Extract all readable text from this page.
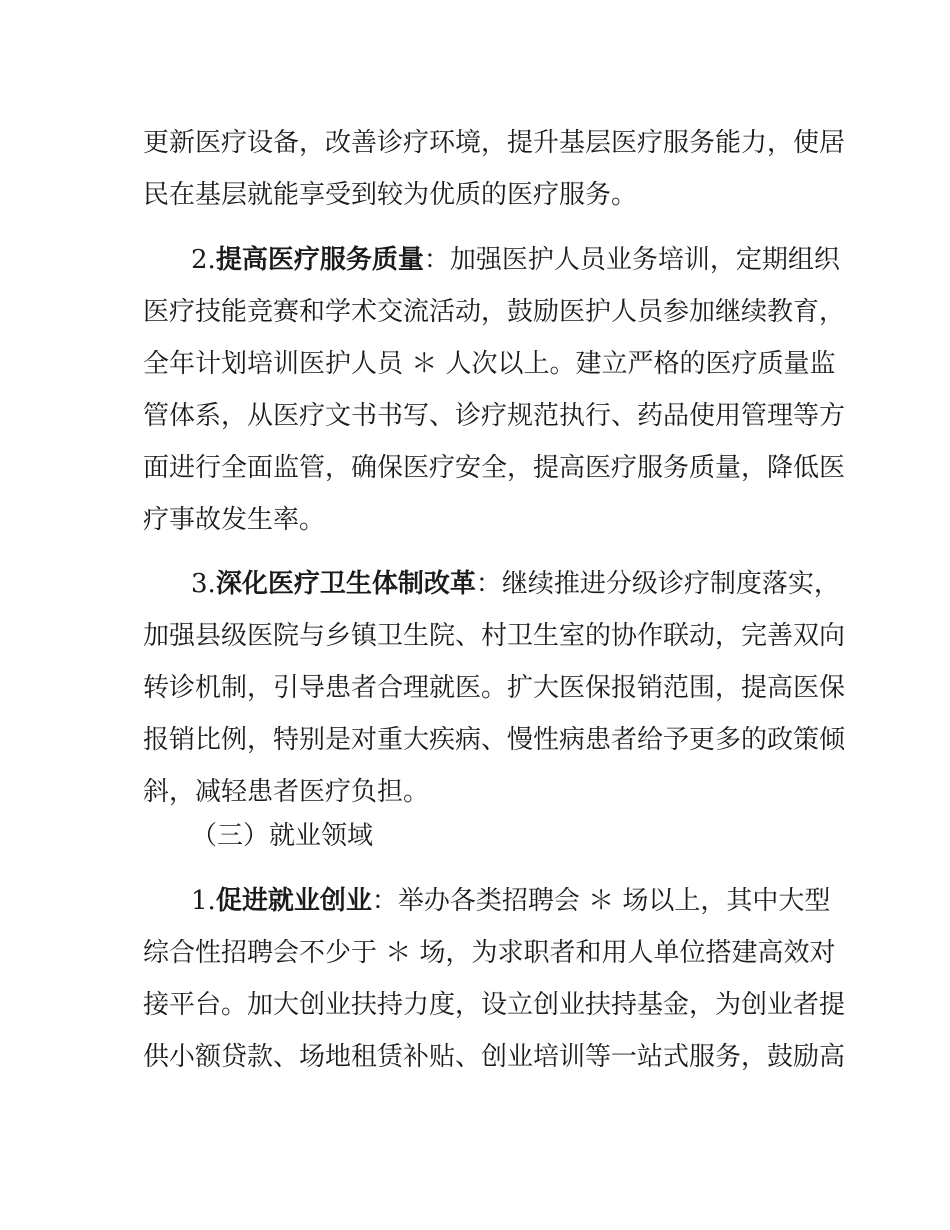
更新医疗设备，改善诊疗环境，提升基层医疗服务能力，使居
民在基层就能享受到较为优质的医疗服务。
2.提高医疗服务质量：加强医护人员业务培训，定期组织
医疗技能竞赛和学术交流活动，鼓励医护人员参加继续教育，
全年计划培训医护人员 ＊ 人次以上。建立严格的医疗质量监
管体系，从医疗文书书写、诊疗规范执行、药品使用管理等方
面进行全面监管，确保医疗安全，提高医疗服务质量，降低医
疗事故发生率。
3.深化医疗卫生体制改革：继续推进分级诊疗制度落实，
加强县级医院与乡镇卫生院、村卫生室的协作联动，完善双向
转诊机制，引导患者合理就医。扩大医保报销范围，提高医保
报销比例，特别是对重大疾病、慢性病患者给予更多的政策倾
斜，减轻患者医疗负担。
（三）就业领域
1.促进就业创业：举办各类招聘会 ＊ 场以上，其中大型
综合性招聘会不少于 ＊ 场，为求职者和用人单位搭建高效对
接平台。加大创业扶持力度，设立创业扶持基金，为创业者提
供小额贷款、场地租赁补贴、创业培训等一站式服务，鼓励高
